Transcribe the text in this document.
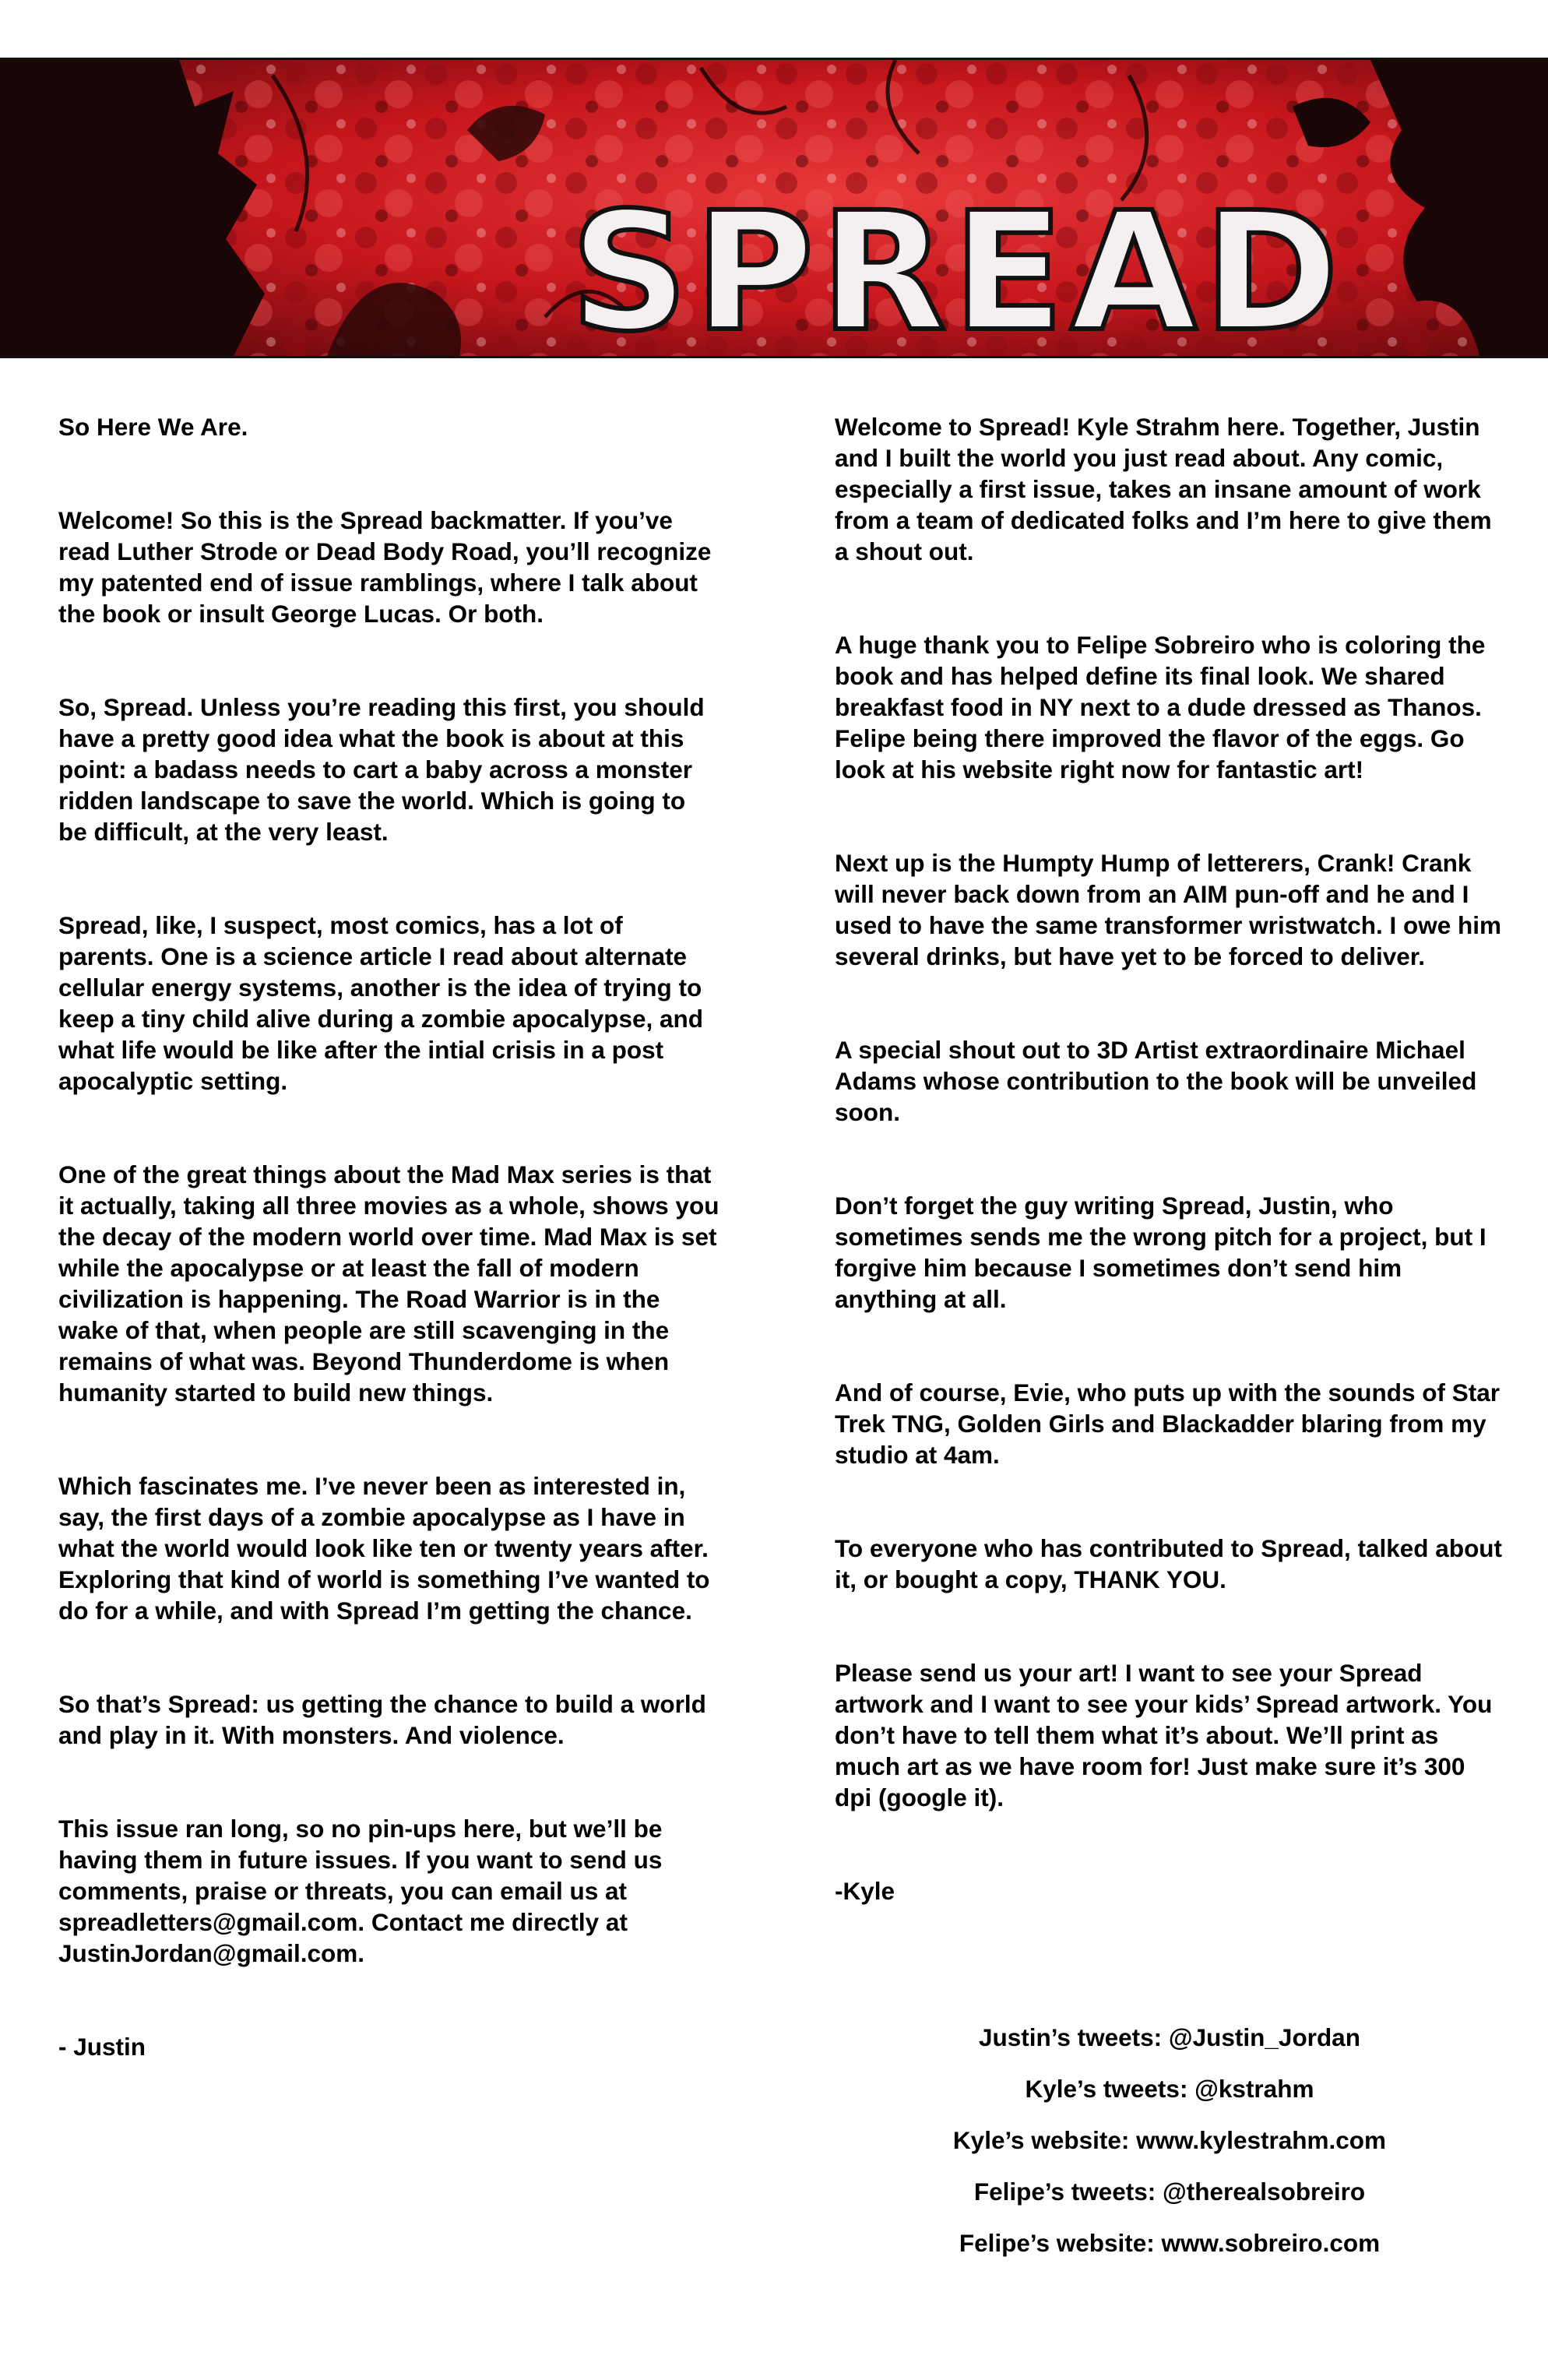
SPREAD
So Here We Are.
Welcome! So this is the Spread backmatter. If you’ve read Luther Strode or Dead Body Road, you’ll recognize my patented end of issue ramblings, where I talk about the book or insult George Lucas. Or both.
So, Spread. Unless you’re reading this first, you should have a pretty good idea what the book is about at this point: a badass needs to cart a baby across a monster ridden landscape to save the world. Which is going to be difficult, at the very least.
Spread, like, I suspect, most comics, has a lot of parents. One is a science article I read about alternate cellular energy systems, another is the idea of trying to keep a tiny child alive during a zombie apocalypse, and what life would be like after the intial crisis in a post apocalyptic setting.
One of the great things about the Mad Max series is that it actually, taking all three movies as a whole, shows you the decay of the modern world over time. Mad Max is set while the apocalypse or at least the fall of modern civilization is happening. The Road Warrior is in the wake of that, when people are still scavenging in the remains of what was. Beyond Thunderdome is when humanity started to build new things.
Which fascinates me. I’ve never been as interested in, say, the first days of a zombie apocalypse as I have in what the world would look like ten or twenty years after. Exploring that kind of world is something I’ve wanted to do for a while, and with Spread I’m getting the chance.
So that’s Spread: us getting the chance to build a world and play in it. With monsters. And violence.
This issue ran long, so no pin-ups here, but we’ll be having them in future issues. If you want to send us comments, praise or threats, you can email us at spreadletters@gmail.com. Contact me directly at JustinJordan@gmail.com.
- Justin
Welcome to Spread! Kyle Strahm here. Together, Justin and I built the world you just read about. Any comic, especially a first issue, takes an insane amount of work from a team of dedicated folks and I’m here to give them a shout out.
A huge thank you to Felipe Sobreiro who is coloring the book and has helped define its final look. We shared breakfast food in NY next to a dude dressed as Thanos. Felipe being there improved the flavor of the eggs. Go look at his website right now for fantastic art!
Next up is the Humpty Hump of letterers, Crank! Crank will never back down from an AIM pun-off and he and I used to have the same transformer wristwatch. I owe him several drinks, but have yet to be forced to deliver.
A special shout out to 3D Artist extraordinaire Michael Adams whose contribution to the book will be unveiled soon.
Don’t forget the guy writing Spread, Justin, who sometimes sends me the wrong pitch for a project, but I forgive him because I sometimes don’t send him anything at all.
And of course, Evie, who puts up with the sounds of Star Trek TNG, Golden Girls and Blackadder blaring from my studio at 4am.
To everyone who has contributed to Spread, talked about it, or bought a copy, THANK YOU.
Please send us your art! I want to see your Spread artwork and I want to see your kids’ Spread artwork. You don’t have to tell them what it’s about. We’ll print as much art as we have room for! Just make sure it’s 300 dpi (google it).
-Kyle
Justin’s tweets: @Justin_Jordan
Kyle’s tweets: @kstrahm
Kyle’s website: www.kylestrahm.com
Felipe’s tweets: @therealsobreiro
Felipe’s website: www.sobreiro.com
